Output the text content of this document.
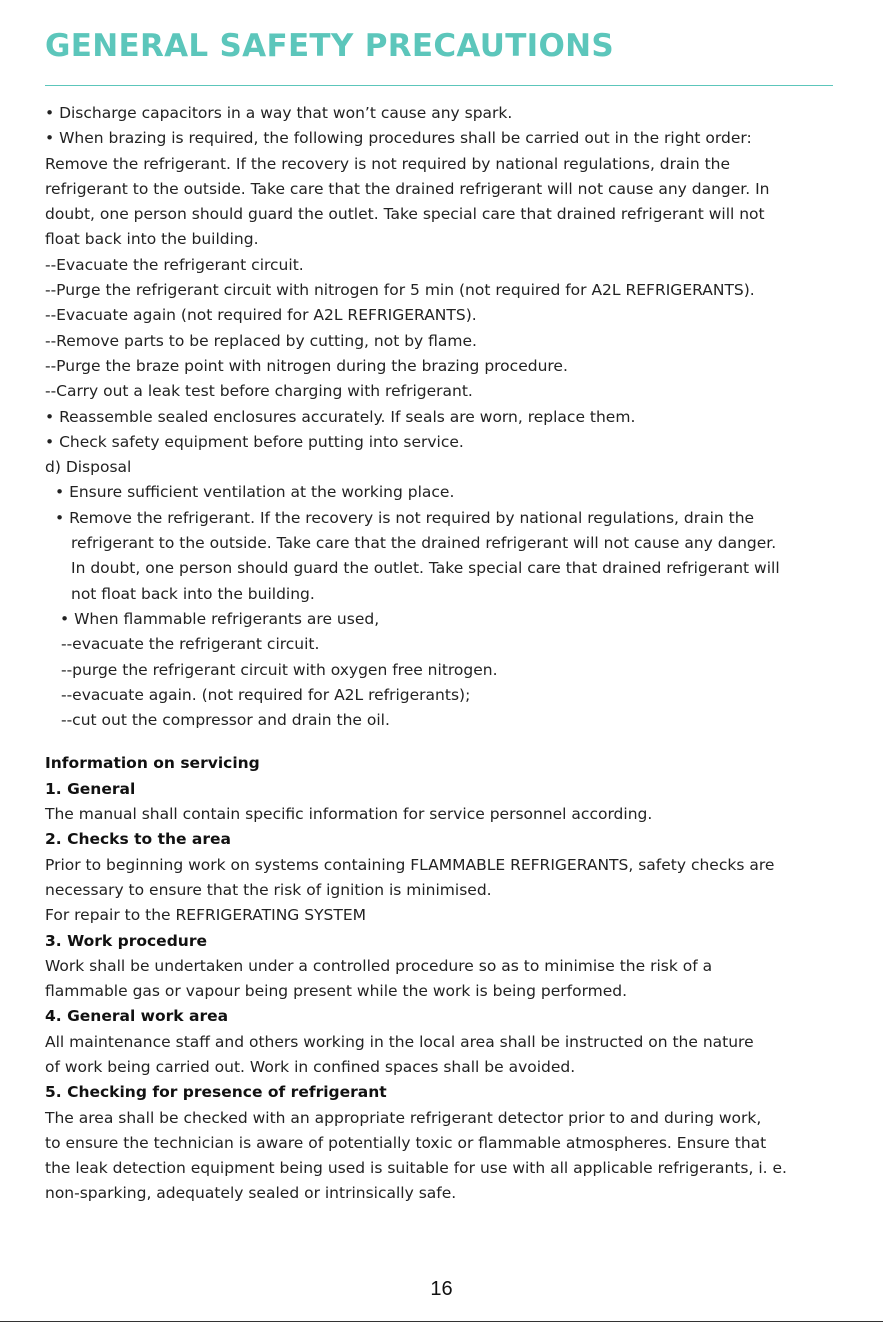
GENERAL SAFETY PRECAUTIONS
• Discharge capacitors in a way that won’t cause any spark.
• When brazing is required, the following procedures shall be carried out in the right order:
Remove the refrigerant. If the recovery is not required by national regulations, drain the
refrigerant to the outside. Take care that the drained refrigerant will not cause any danger. In
doubt, one person should guard the outlet. Take special care that drained refrigerant will not
float back into the building.
--Evacuate the refrigerant circuit.
--Purge the refrigerant circuit with nitrogen for 5 min (not required for A2L REFRIGERANTS).
--Evacuate again (not required for A2L REFRIGERANTS).
--Remove parts to be replaced by cutting, not by flame.
--Purge the braze point with nitrogen during the brazing procedure.
--Carry out a leak test before charging with refrigerant.
• Reassemble sealed enclosures accurately. If seals are worn, replace them.
• Check safety equipment before putting into service.
d) Disposal
• Ensure sufficient ventilation at the working place.
• Remove the refrigerant. If the recovery is not required by national regulations, drain the
refrigerant to the outside. Take care that the drained refrigerant will not cause any danger.
In doubt, one person should guard the outlet. Take special care that drained refrigerant will
not float back into the building.
• When flammable refrigerants are used,
--evacuate the refrigerant circuit.
--purge the refrigerant circuit with oxygen free nitrogen.
--evacuate again. (not required for A2L refrigerants);
--cut out the compressor and drain the oil.
Information on servicing
1. General
The manual shall contain specific information for service personnel according.
2. Checks to the area
Prior to beginning work on systems containing FLAMMABLE REFRIGERANTS, safety checks are
necessary to ensure that the risk of ignition is minimised.
For repair to the REFRIGERATING SYSTEM
3. Work procedure
Work shall be undertaken under a controlled procedure so as to minimise the risk of a
flammable gas or vapour being present while the work is being performed.
4. General work area
All maintenance staff and others working in the local area shall be instructed on the nature
of work being carried out. Work in confined spaces shall be avoided.
5. Checking for presence of refrigerant
The area shall be checked with an appropriate refrigerant detector prior to and during work,
to ensure the technician is aware of potentially toxic or flammable atmospheres. Ensure that
the leak detection equipment being used is suitable for use with all applicable refrigerants, i. e.
non-sparking, adequately sealed or intrinsically safe.
16
